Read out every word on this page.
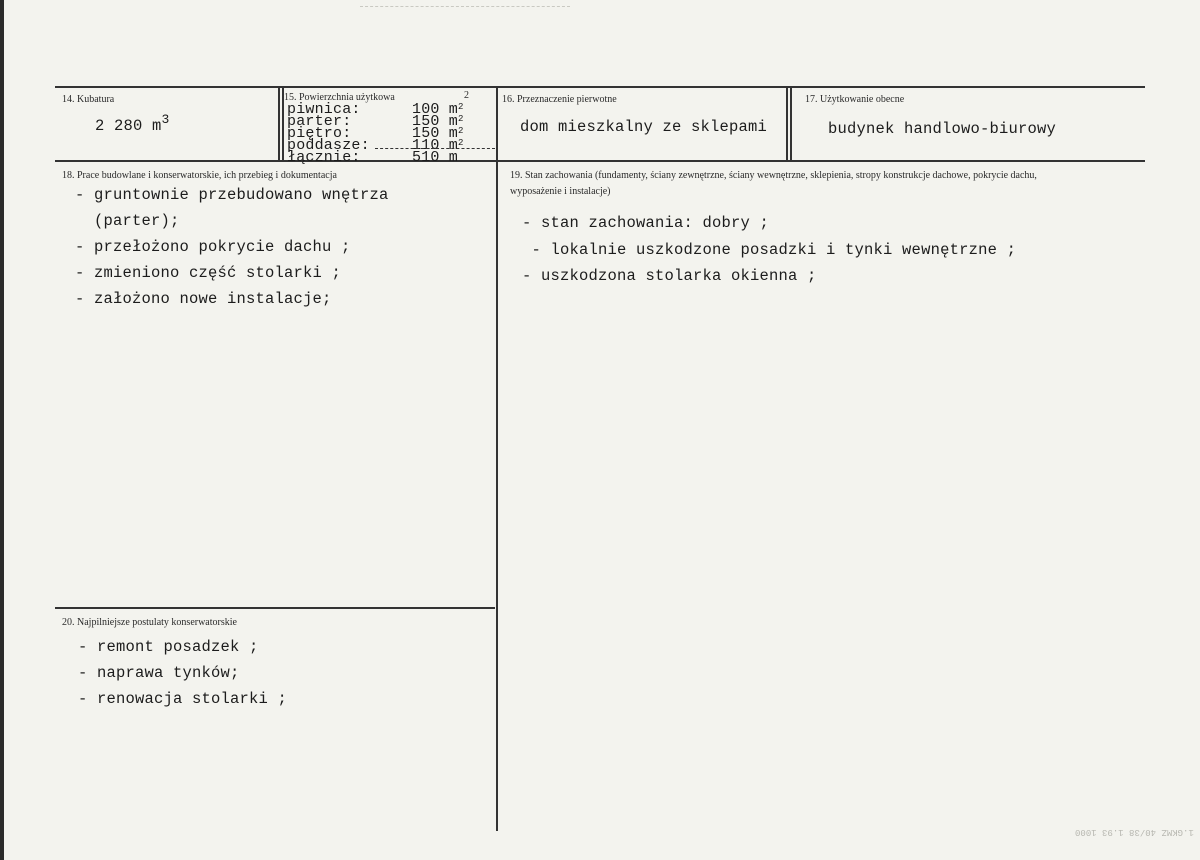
14. Kubatura
2 280 $m^3$
15. Powierzchnia użytkowa	2
piwnica:	100 $m^2$
parter:	150 $m^2$
piętro:	150 $m^2$
poddasze:	110 $m^2$
łącznie:	510 m
16. Przeznaczenie pierwotne
dom mieszkalny ze sklepami
17. Użytkowanie obecne
budynek handlowo-biurowy
18. Prace budowlane i konserwatorskie, ich przebieg i dokumentacja
- gruntownie przebudowano wnętrza
(parter);
- przełożono pokrycie dachu ;
- zmieniono część stolarki ;
- założono nowe instalacje;
19. Stan zachowania (fundamenty, ściany zewnętrzne, ściany wewnętrzne, sklepienia, stropy konstrukcje dachowe, pokrycie dachu, wyposażenie i instalacje)
- stan zachowania: dobry ;
- lokalnie uszkodzone posadzki i tynki wewnętrzne ;
- uszkodzona stolarka okienna ;
20. Najpilniejsze postulaty konserwatorskie
- remont posadzek ;
- naprawa tynków;
- renowacja stolarki ;
1.GKMZ 40/38 1.93 1000
